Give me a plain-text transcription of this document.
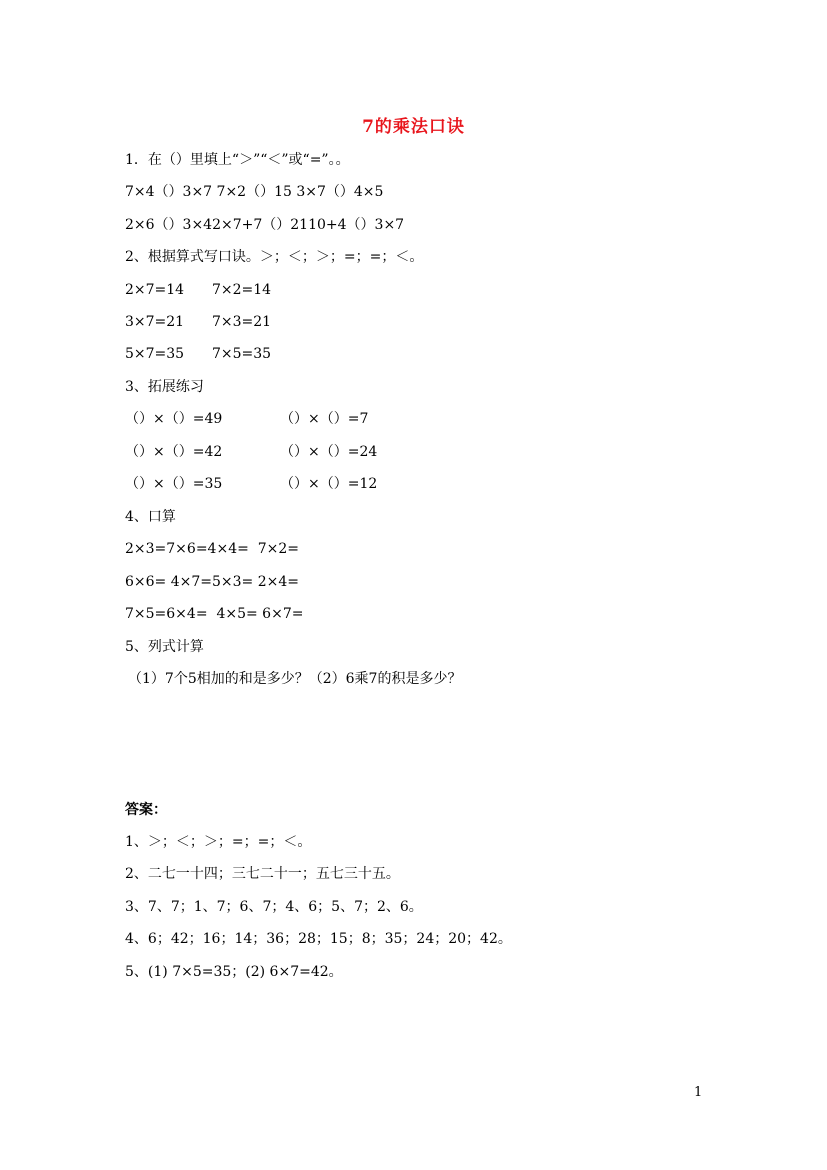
7的乘法口诀
1．在（）里填上“＞”“＜”或“=”。。
7×4（）3×7 7×2（）15 3×7（）4×5
2×6（）3×42×7+7（）2110+4（）3×7
2、根据算式写口诀。＞；＜；＞；=；=；＜。
2×7=14 7×2=14
3×7=21 7×3=21
5×7=35 7×5=35
3、拓展练习
（）×（）=49	（）×（）=7
（）×（）=42	（）×（）=24
（）×（）=35	（）×（）=12
4、口算
2×3=7×6=4×4=  7×2=
6×6= 4×7=5×3= 2×4=
7×5=6×4=  4×5= 6×7=
5、列式计算
（1）7个5相加的和是多少？（2）6乘7的积是多少？
答案：
1、＞；＜；＞；=；=；＜。
2、二七一十四；三七二十一；五七三十五。
3、7、7；1、7；6、7；4、6；5、7；2、6。
4、6；42；16；14；36；28；15；8；35；24；20；42。
5、(1) 7×5=35；(2) 6×7=42。
1
